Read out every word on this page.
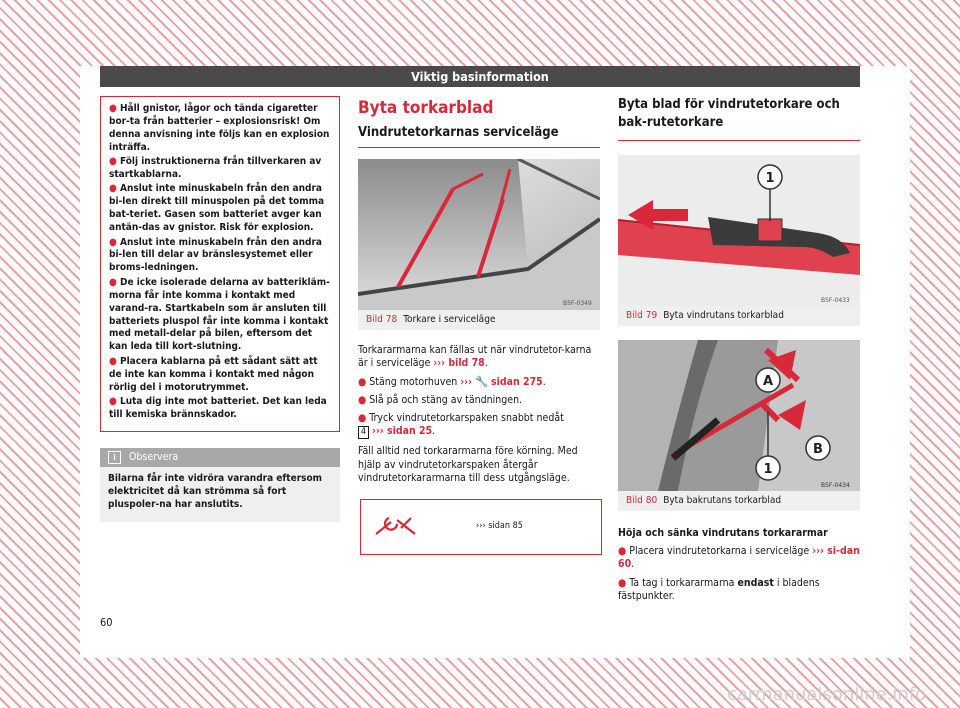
Viktig basinformation

● Håll gnistor, lågor och tända cigaretter bor-ta från batterier – explosionsrisk! Om denna anvisning inte följs kan en explosion inträffa.

● Följ instruktionerna från tillverkaren av startkablarna.

● Anslut inte minuskabeln från den andra bi-len direkt till minuspolen på det tomma bat-teriet. Gasen som batteriet avger kan antän-das av gnistor. Risk för explosion.

● Anslut inte minuskabeln från den andra bi-len till delar av bränslesystemet eller broms-ledningen.

● De icke isolerade delarna av batterikläm-morna får inte komma i kontakt med varand-ra. Startkabeln som är ansluten till batteriets pluspol får inte komma i kontakt med metall-delar på bilen, eftersom det kan leda till kort-slutning.

● Placera kablarna på ett sådant sätt att de inte kan komma i kontakt med någon rörlig del i motorutrymmet.

● Luta dig inte mot batteriet. Det kan leda till kemiska brännskador.

i	Observera
Bilarna får inte vidröra varandra eftersom elektricitet då kan strömma så fort pluspoler-na har anslutits.
Byta torkarblad
Vindrutetorkarnas serviceläge
B5F-0349
Bild 78 Torkare i serviceläge
Torkararmarna kan fällas ut när vindrutetor-karna är i serviceläge ››› bild 78.
● Stäng motorhuven ››› 🔧 sidan 275.
● Slå på och stäng av tändningen.
● Tryck vindrutetorkarspaken snabbt nedåt
4 ››› sidan 25.
Fäll alltid ned torkararmarna före körning. Med hjälp av vindrutetorkarspaken återgår vindrutetorkararmarna till dess utgångsläge.
››› sidan 85
Byta blad för vindrutetorkare och bak-rutetorkare
1
B5F-0433
Bild 79 Byta vindrutans torkarblad
A
B
1
B5F-0434
Bild 80 Byta bakrutans torkarblad
Höja och sänka vindrutans torkararmar
● Placera vindrutetorkarna i serviceläge ››› si-dan 60.
● Ta tag i torkararmarna endast i bladens fästpunkter.
60
carmanualsonline.info
